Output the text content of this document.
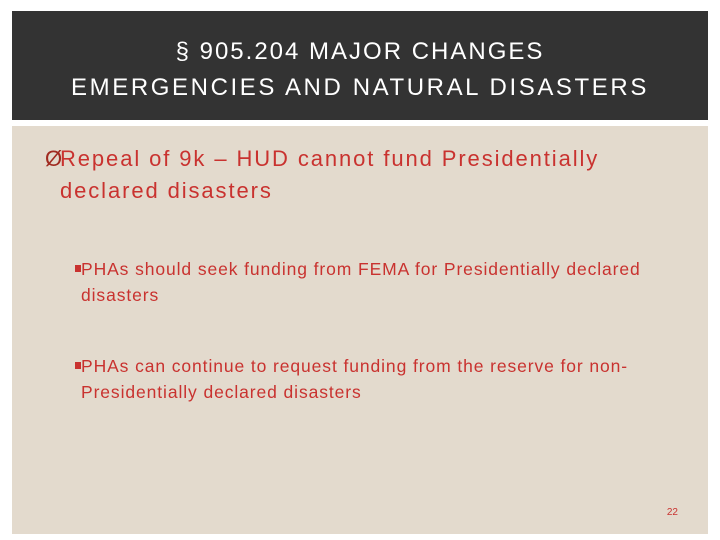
§ 905.204 MAJOR CHANGES
EMERGENCIES AND NATURAL DISASTERS
Ø
Repeal of 9k – HUD cannot fund Presidentially declared disasters
PHAs should seek funding from FEMA for Presidentially declared disasters
PHAs can continue to request funding from the reserve for non-Presidentially declared disasters
22
